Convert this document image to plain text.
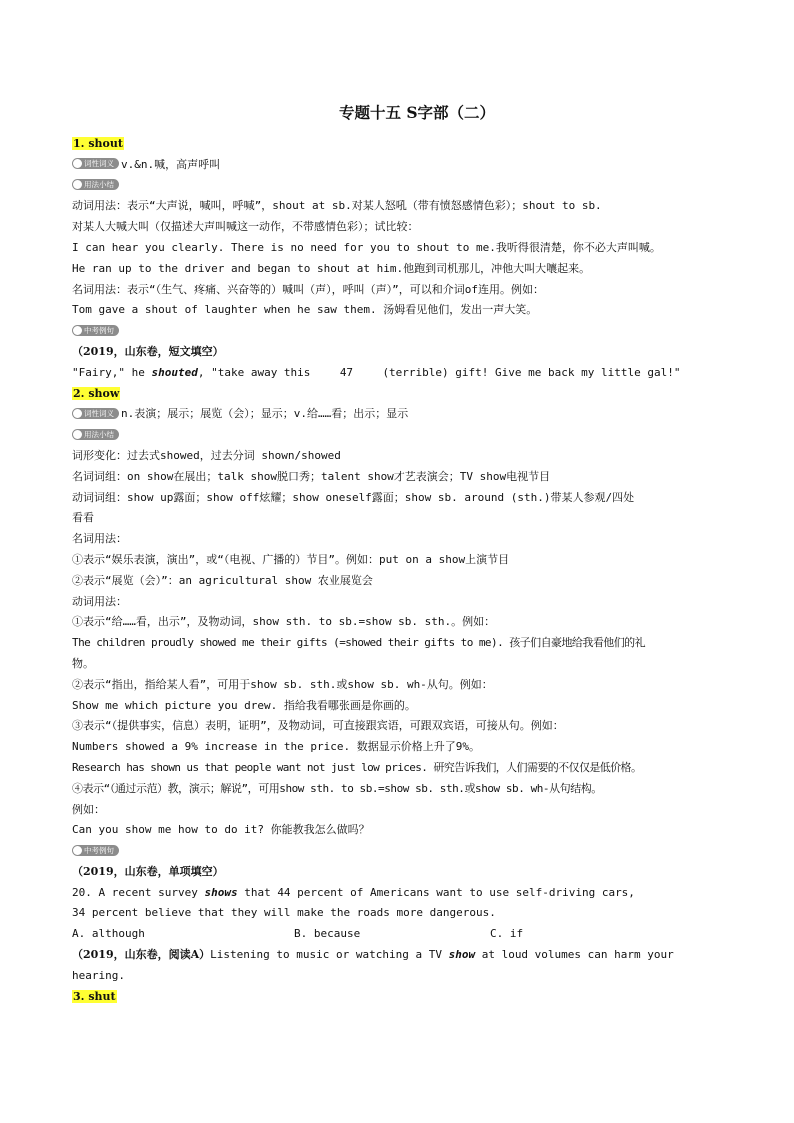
专题十五 S字部（二）
1. shout
词性词义 v.&n.喊，高声呼叫
用法小结
动词用法：表示“大声说，喊叫，呼喊”，shout at sb.对某人怒吼（带有愤怒感情色彩）；shout to sb.
对某人大喊大叫（仅描述大声叫喊这一动作，不带感情色彩）；试比较：
I can hear you clearly. There is no need for you to shout to me.我听得很清楚，你不必大声叫喊。
He ran up to the driver and began to shout at him.他跑到司机那儿，冲他大叫大嚷起来。
名词用法：表示“（生气、疼痛、兴奋等的）喊叫（声），呼叫（声）”，可以和介词of连用。例如：
Tom gave a shout of laughter when he saw them. 汤姆看见他们，发出一声大笑。
中考例句
（2019，山东卷，短文填空）
"Fairy," he shouted, "take away this	47	(terrible) gift! Give me back my little gal!"
2. show
词性词义 n.表演；展示；展览（会）；显示；v.给……看；出示；显示
用法小结
词形变化：过去式showed，过去分词 shown/showed
名词词组：on show在展出；talk show脱口秀；talent show才艺表演会；TV show电视节目
动词词组：show up露面；show off炫耀；show oneself露面；show sb. around (sth.)带某人参观/四处
看看
名词用法：
①表示“娱乐表演，演出”，或“（电视、广播的）节目”。例如：put on a show上演节目
②表示“展览（会）”：an agricultural show 农业展览会
动词用法：
①表示“给……看，出示”，及物动词，show sth. to sb.=show sb. sth.。例如：
The children proudly showed me their gifts (=showed their gifts to me). 孩子们自豪地给我看他们的礼
物。
②表示“指出，指给某人看”，可用于show sb. sth.或show sb. wh-从句。例如：
Show me which picture you drew. 指给我看哪张画是你画的。
③表示“（提供事实，信息）表明，证明”，及物动词，可直接跟宾语，可跟双宾语，可接从句。例如：
Numbers showed a 9% increase in the price. 数据显示价格上升了9%。
Research has shown us that people want not just low prices. 研究告诉我们，人们需要的不仅仅是低价格。
④表示“（通过示范）教，演示；解说”，可用show sth. to sb.=show sb. sth.或show sb. wh-从句结构。
例如：
Can you show me how to do it? 你能教我怎么做吗？
中考例句
（2019，山东卷，单项填空）
20. A recent survey shows that 44 percent of Americans want to use self-driving cars,
34 percent believe that they will make the roads more dangerous.
A. although	B. because	C. if
（2019，山东卷，阅读A）Listening to music or watching a TV show at loud volumes can harm your
hearing.
3. shut
